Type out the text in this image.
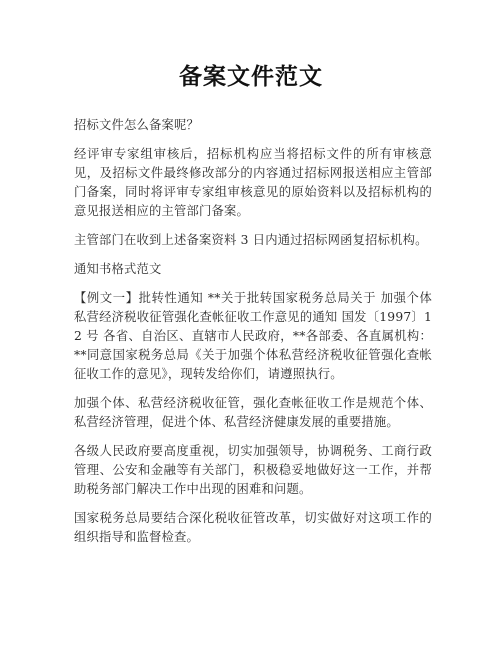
备案文件范文

招标文件怎么备案呢？

经评审专家组审核后，招标机构应当将招标文件的所有审核意见，及招标文件最终修改部分的内容通过招标网报送相应主管部门备案，同时将评审专家组审核意见的原始资料以及招标机构的意见报送相应的主管部门备案。

主管部门在收到上述备案资料 3 日内通过招标网函复招标机构。

通知书格式范文

【例文一】批转性通知 **关于批转国家税务总局关于 加强个体私营经济税收征管强化查帐征收工作意见的通知 国发〔1997〕12 号 各省、自治区、直辖市人民政府，**各部委、各直属机构： **同意国家税务总局《关于加强个体私营经济税收征管强化查帐征收工作的意见》，现转发给你们，请遵照执行。

加强个体、私营经济税收征管，强化查帐征收工作是规范个体、私营经济管理，促进个体、私营经济健康发展的重要措施。

各级人民政府要高度重视，切实加强领导，协调税务、工商行政管理、公安和金融等有关部门，积极稳妥地做好这一工作，并帮助税务部门解决工作中出现的困难和问题。

国家税务总局要结合深化税收征管改革，切实做好对这项工作的组织指导和监督检查。
